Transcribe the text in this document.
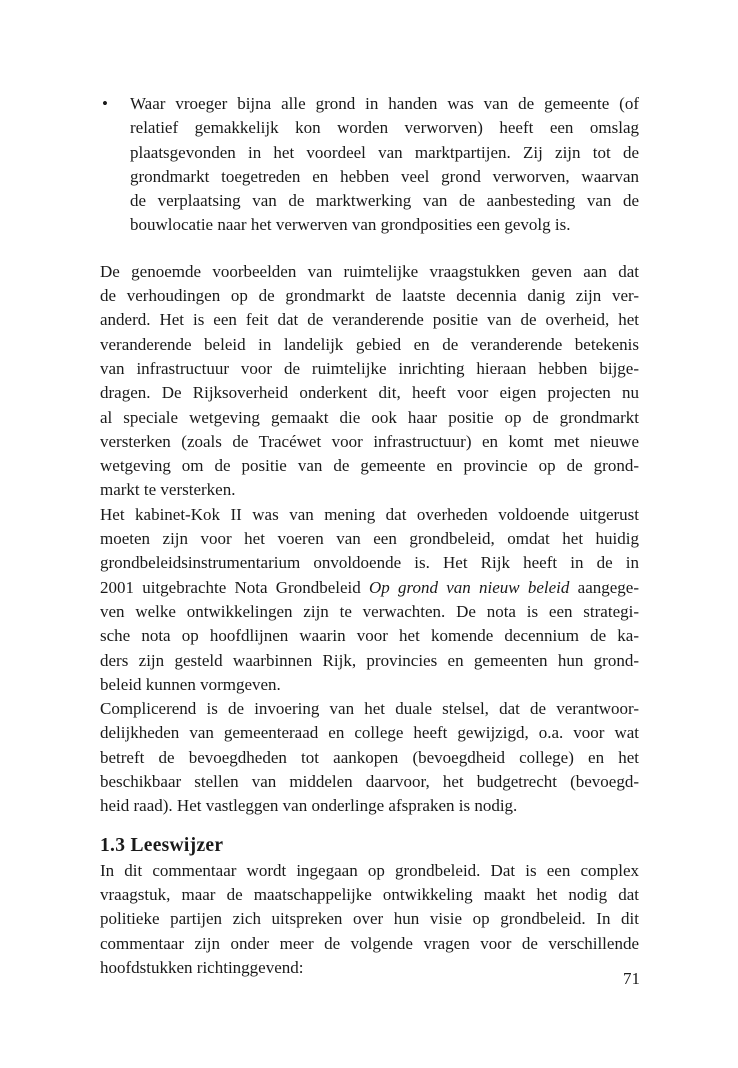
• Waar vroeger bijna alle grond in handen was van de gemeente (of
relatief gemakkelijk kon worden verworven) heeft een omslag
plaatsgevonden in het voordeel van marktpartijen. Zij zijn tot de
grondmarkt toegetreden en hebben veel grond verworven, waarvan
de verplaatsing van de marktwerking van de aanbesteding van de
bouwlocatie naar het verwerven van grondposities een gevolg is.
De genoemde voorbeelden van ruimtelijke vraagstukken geven aan dat
de verhoudingen op de grondmarkt de laatste decennia danig zijn ver-
anderd. Het is een feit dat de veranderende positie van de overheid, het
veranderende beleid in landelijk gebied en de veranderende betekenis
van infrastructuur voor de ruimtelijke inrichting hieraan hebben bijge-
dragen. De Rijksoverheid onderkent dit, heeft voor eigen projecten nu
al speciale wetgeving gemaakt die ook haar positie op de grondmarkt
versterken (zoals de Tracéwet voor infrastructuur) en komt met nieuwe
wetgeving om de positie van de gemeente en provincie op de grond-
markt te versterken.
Het kabinet-Kok II was van mening dat overheden voldoende uitgerust
moeten zijn voor het voeren van een grondbeleid, omdat het huidig
grondbeleidsinstrumentarium onvoldoende is. Het Rijk heeft in de in
2001 uitgebrachte Nota Grondbeleid Op grond van nieuw beleid aangege-
ven welke ontwikkelingen zijn te verwachten. De nota is een strategi-
sche nota op hoofdlijnen waarin voor het komende decennium de ka-
ders zijn gesteld waarbinnen Rijk, provincies en gemeenten hun grond-
beleid kunnen vormgeven.
Complicerend is de invoering van het duale stelsel, dat de verantwoor-
delijkheden van gemeenteraad en college heeft gewijzigd, o.a. voor wat
betreft de bevoegdheden tot aankopen (bevoegdheid college) en het
beschikbaar stellen van middelen daarvoor, het budgetrecht (bevoegd-
heid raad). Het vastleggen van onderlinge afspraken is nodig.
1.3 Leeswijzer
In dit commentaar wordt ingegaan op grondbeleid. Dat is een complex
vraagstuk, maar de maatschappelijke ontwikkeling maakt het nodig dat
politieke partijen zich uitspreken over hun visie op grondbeleid. In dit
commentaar zijn onder meer de volgende vragen voor de verschillende
hoofdstukken richtinggevend:
71
